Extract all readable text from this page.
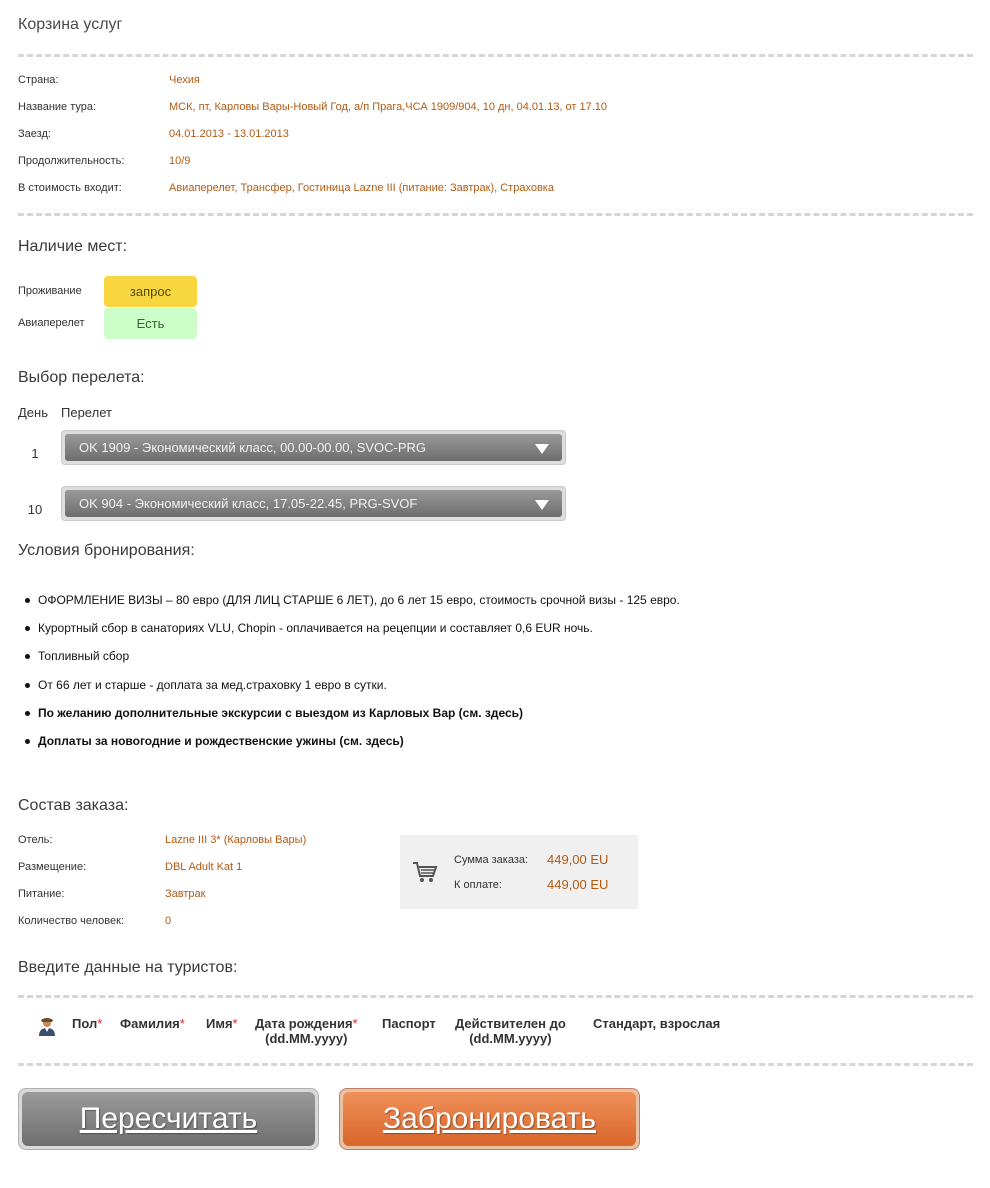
Корзина услуг
Страна:	Чехия
Название тура:	МСК, пт, Карловы Вары-Новый Год, а/п Прага,ЧСА 1909/904, 10 дн, 04.01.13, от 17.10
Заезд:	04.01.2013 - 13.01.2013
Продолжительность:	10/9
В стоимость входит:	Авиаперелет, Трансфер, Гостиница Lazne III (питание: Завтрак), Страховка
Наличие мест:
Проживание	запрос
Авиаперелет	Есть
Выбор перелета:
День Перелет
1	OK 1909 - Экономический класс, 00.00-00.00, SVOC-PRG
10	OK 904 - Экономический класс, 17.05-22.45, PRG-SVOF
Условия бронирования:
ОФОРМЛЕНИЕ ВИЗЫ – 80 евро (ДЛЯ ЛИЦ СТАРШЕ 6 ЛЕТ), до 6 лет 15 евро, стоимость срочной визы - 125 евро.
Курортный сбор в санаториях VLU, Chopin - оплачивается на рецепции и составляет 0,6 EUR ночь.
Топливный сбор
От 66 лет и старше - доплата за мед.страховку 1 евро в сутки.
По желанию дополнительные экскурсии с выездом из Карловых Вар (см. здесь)
Доплаты за новогодние и рождественские ужины (см. здесь)
Состав заказа:
Отель:	Lazne III 3* (Карловы Вары)
Размещение:	DBL Adult Kat 1
Питание:	Завтрак
Количество человек:	0
Сумма заказа: 449,00 EU
К оплате:	449,00 EU
Введите данные на туристов:
Пол* Фамилия* Имя* Дата рождения*
(dd.MM.yyyy)
Паспорт Действителен до
(dd.MM.yyyy)
Стандарт, взрослая
Пересчитать	Забронировать
